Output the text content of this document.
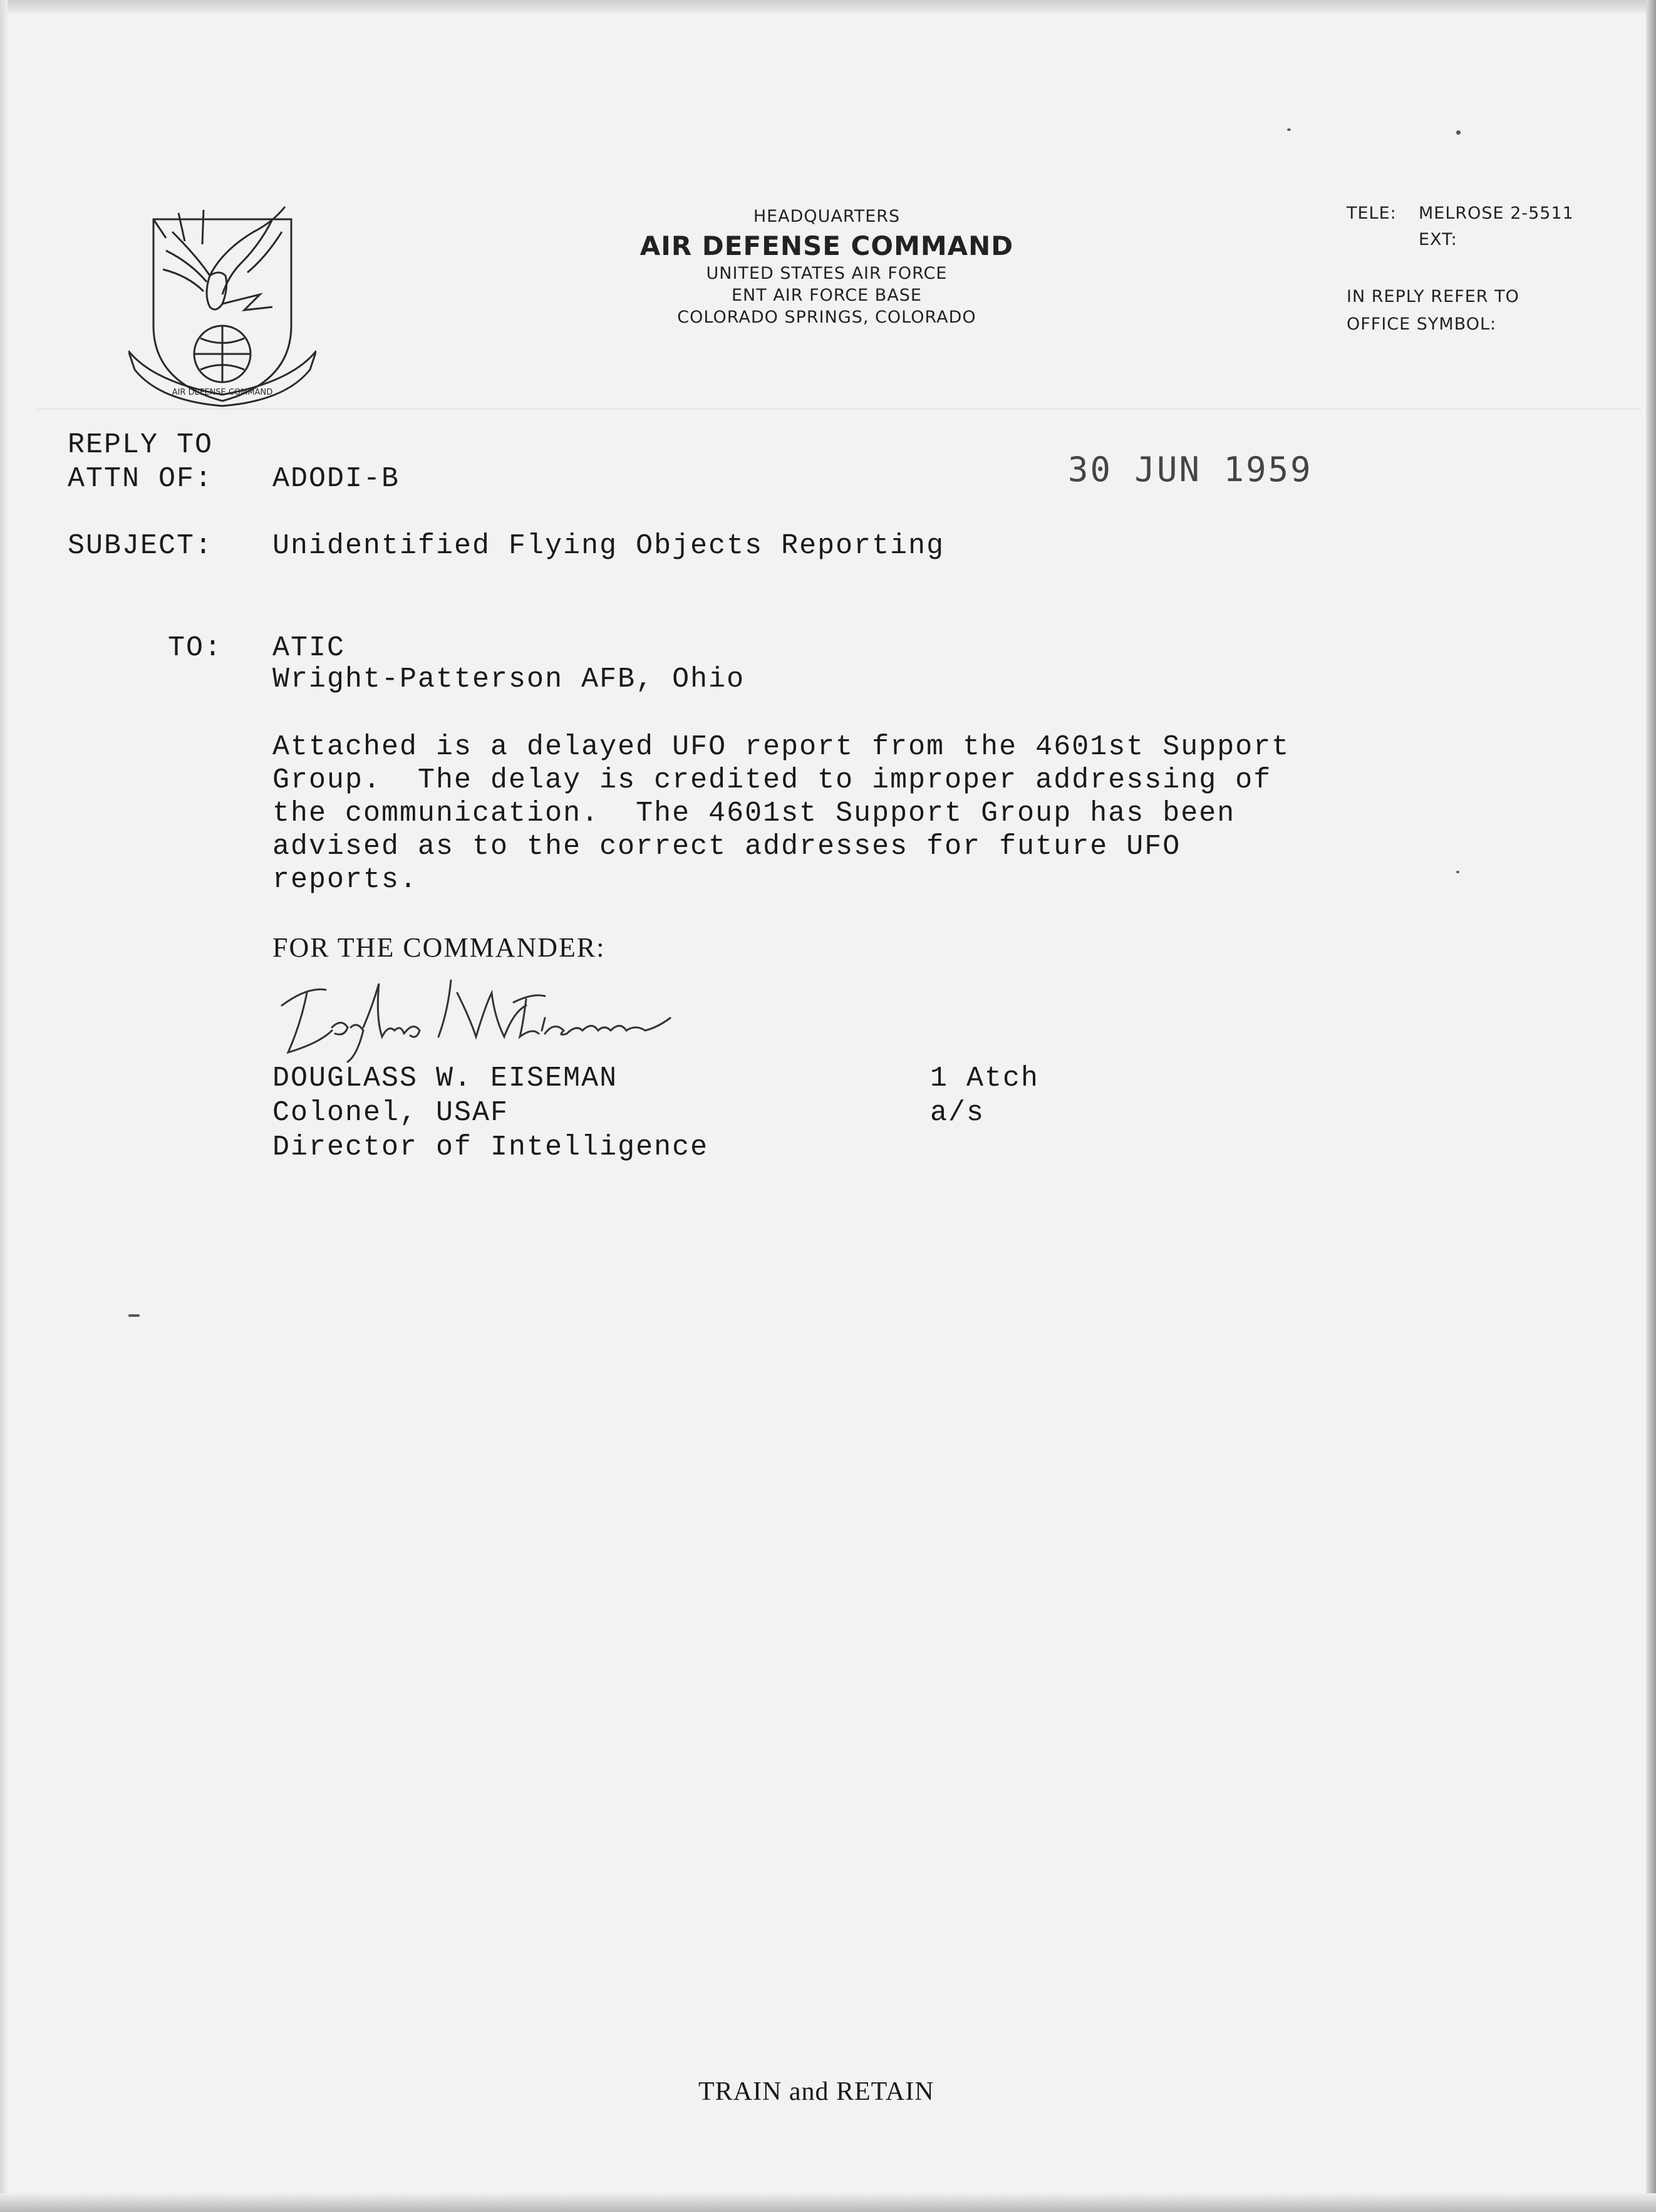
AIR DEFENSE COMMAND
HEADQUARTERS
AIR DEFENSE COMMAND
UNITED STATES AIR FORCE
ENT AIR FORCE BASE
COLORADO SPRINGS, COLORADO
TELE: MELROSE 2-5511
EXT:
IN REPLY REFER TO
OFFICE SYMBOL:
REPLY TO
ATTN OF: ADODI-B	30 JUN 1959
SUBJECT: Unidentified Flying Objects Reporting
TO: ATIC
Wright-Patterson AFB, Ohio
Attached is a delayed UFO report from the 4601st Support
Group.  The delay is credited to improper addressing of
the communication.  The 4601st Support Group has been
advised as to the correct addresses for future UFO
reports.
FOR THE COMMANDER:
DOUGLASS W. EISEMAN
Colonel, USAF
Director of Intelligence
1 Atch
a/s
TRAIN and RETAIN
